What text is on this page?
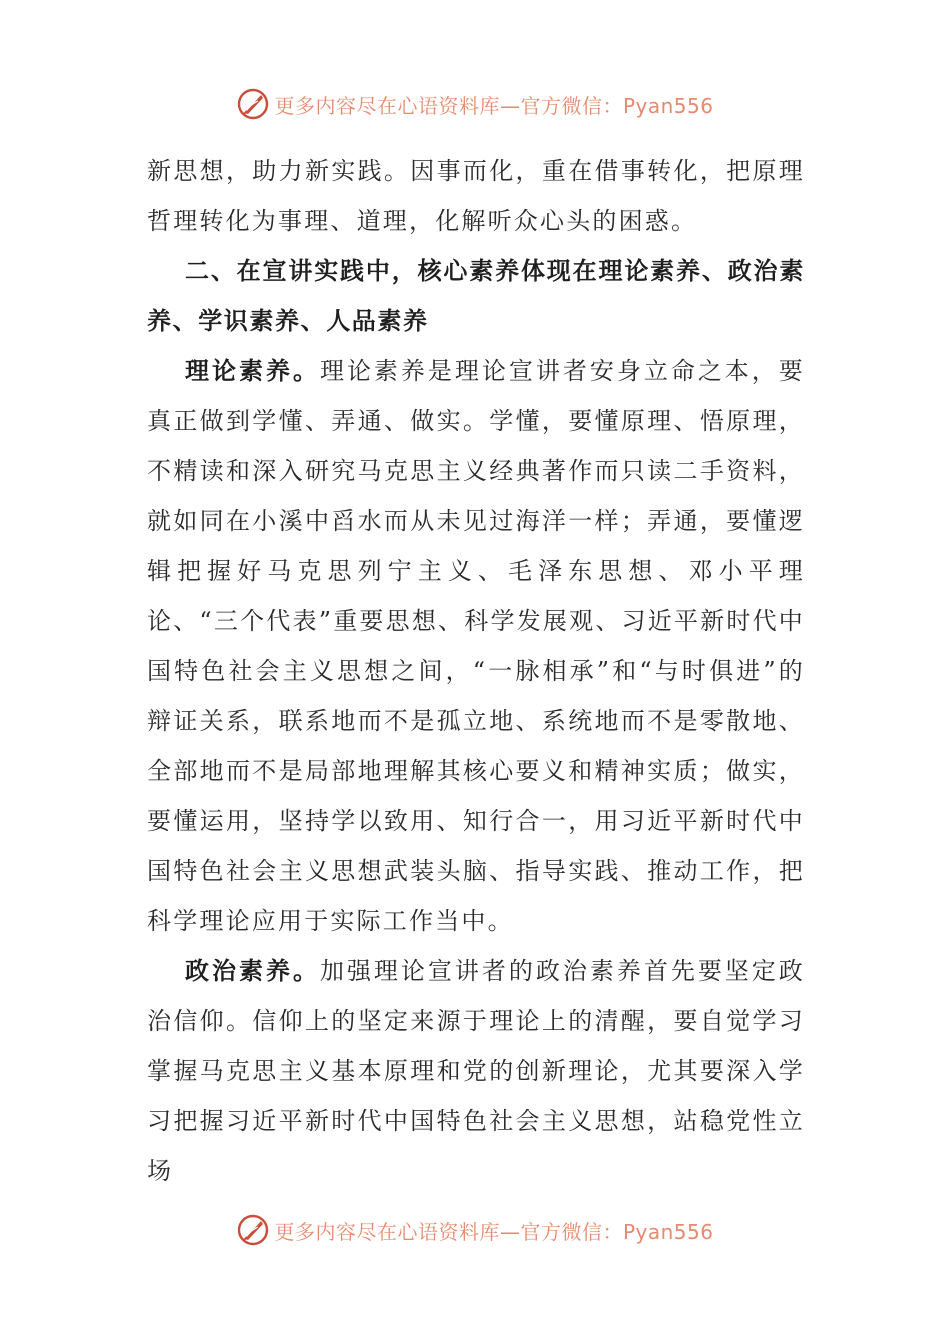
更多内容尽在心语资料库—官方微信：Pyan556

新思想，助力新实践。因事而化，重在借事转化，把原理哲理转化为事理、道理，化解听众心头的困惑。

二、在宣讲实践中，核心素养体现在理论素养、政治素养、学识素养、人品素养

理论素养。理论素养是理论宣讲者安身立命之本，要真正做到学懂、弄通、做实。学懂，要懂原理、悟原理，不精读和深入研究马克思主义经典著作而只读二手资料，就如同在小溪中舀水而从未见过海洋一样；弄通，要懂逻辑把握好马克思列宁主义、毛泽东思想、邓小平理论、“三个代表”重要思想、科学发展观、习近平新时代中国特色社会主义思想之间，“一脉相承”和“与时俱进”的辩证关系，联系地而不是孤立地、系统地而不是零散地、全部地而不是局部地理解其核心要义和精神实质；做实，要懂运用，坚持学以致用、知行合一，用习近平新时代中国特色社会主义思想武装头脑、指导实践、推动工作，把科学理论应用于实际工作当中。

政治素养。加强理论宣讲者的政治素养首先要坚定政治信仰。信仰上的坚定来源于理论上的清醒，要自觉学习掌握马克思主义基本原理和党的创新理论，尤其要深入学习把握习近平新时代中国特色社会主义思想，站稳党性立场

更多内容尽在心语资料库—官方微信：Pyan556
